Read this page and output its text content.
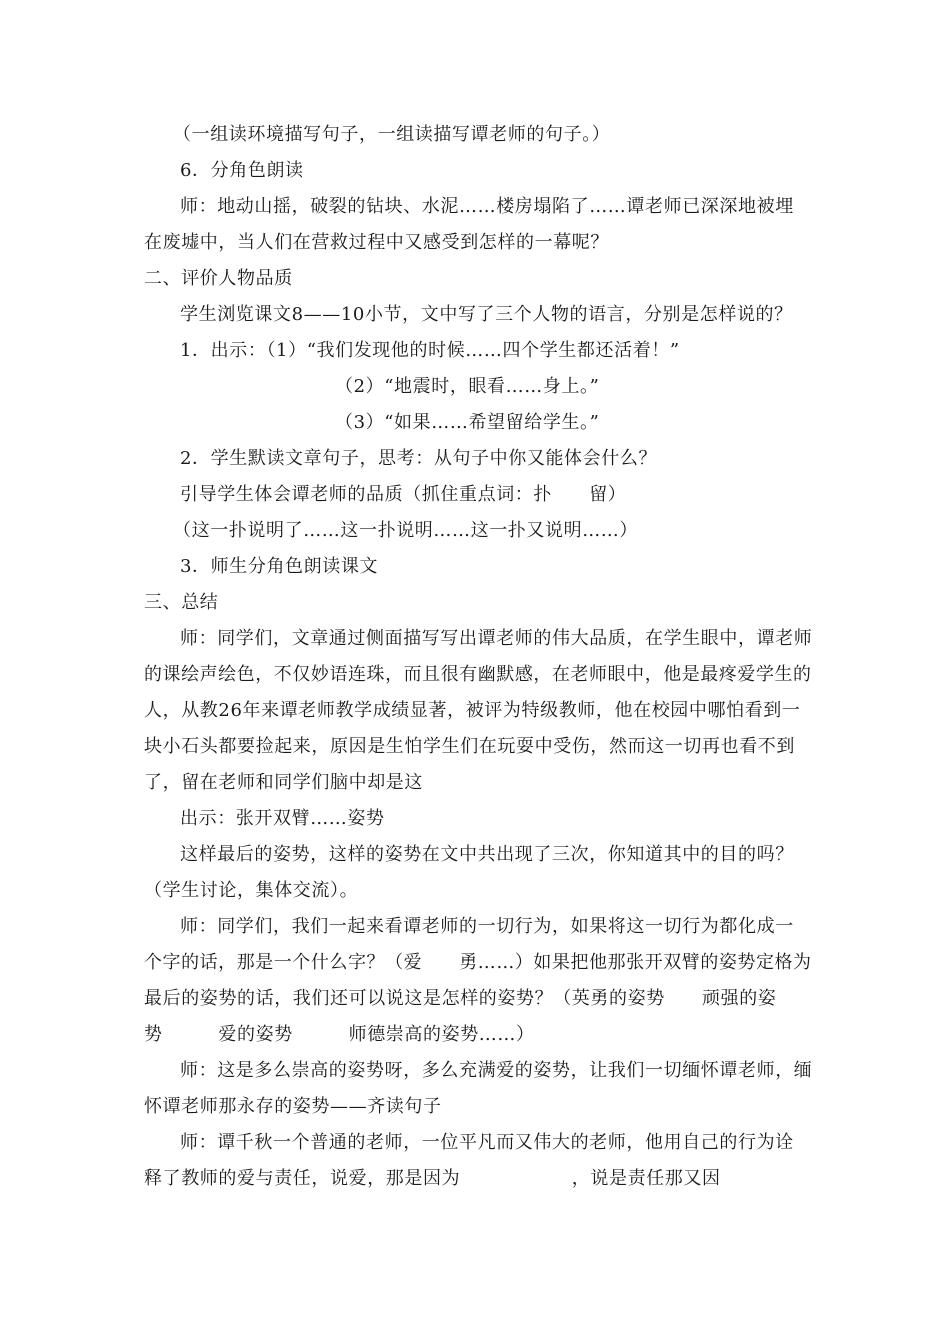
（一组读环境描写句子，一组读描写谭老师的句子。）
6．分角色朗读
师：地动山摇，破裂的钻块、水泥……楼房塌陷了……谭老师已深深地被埋
在废墟中，当人们在营救过程中又感受到怎样的一幕呢？
二、评价人物品质
学生浏览课文8——10小节，文中写了三个人物的语言，分别是怎样说的？
1．出示：（1）“我们发现他的时候……四个学生都还活着！”
（2）“地震时，眼看……身上。”
（3）“如果……希望留给学生。”
2．学生默读文章句子，思考：从句子中你又能体会什么？
引导学生体会谭老师的品质（抓住重点词：扑　　留）
（这一扑说明了……这一扑说明……这一扑又说明……）
3．师生分角色朗读课文
三、总结
师：同学们，文章通过侧面描写写出谭老师的伟大品质，在学生眼中，谭老师
的课绘声绘色，不仅妙语连珠，而且很有幽默感，在老师眼中，他是最疼爱学生的
人，从教26年来谭老师教学成绩显著，被评为特级教师，他在校园中哪怕看到一
块小石头都要捡起来，原因是生怕学生们在玩耍中受伤，然而这一切再也看不到
了，留在老师和同学们脑中却是这
出示：张开双臂……姿势
这样最后的姿势，这样的姿势在文中共出现了三次，你知道其中的目的吗？
（学生讨论，集体交流）。
师：同学们，我们一起来看谭老师的一切行为，如果将这一切行为都化成一
个字的话，那是一个什么字？（爱　　勇……）如果把他那张开双臂的姿势定格为
最后的姿势的话，我们还可以说这是怎样的姿势？（英勇的姿势　　顽强的姿
势　　　爱的姿势　　　师德崇高的姿势……）
师：这是多么崇高的姿势呀，多么充满爱的姿势，让我们一切缅怀谭老师，缅
怀谭老师那永存的姿势——齐读句子
师：谭千秋一个普通的老师，一位平凡而又伟大的老师，他用自己的行为诠
释了教师的爱与责任，说爱，那是因为　　　　　　，说是责任那又因
